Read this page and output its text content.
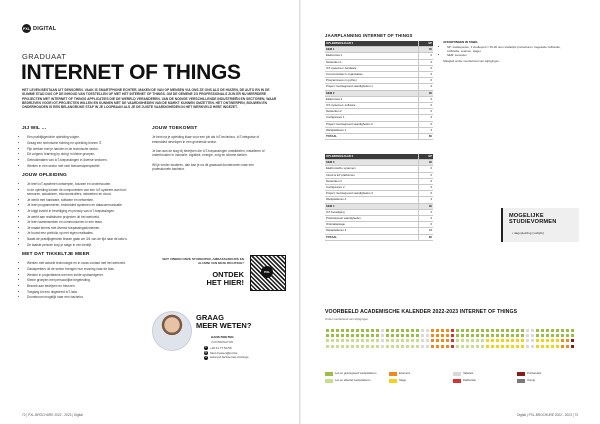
PXL DIGITAL
GRADUAAT
INTERNET OF THINGS

HET LEVEN BESTAAN UIT SENSOREN. VAAK IS SMARTPHONE ECHTER, MAKEN DE VAN OP MENSEN VIA ONS ZE ONS ALS DE HUIZEN, DE AUTO EN IN DE SLIMME STAD DUS OP DE INHOUD VAN TOESTELLEN OF MET HET INTERNET OF THINGS. OM DE GEMENE ZO PROFESSIONALS ZIJN ER NU MEERDERE PROJECTEN MET INTERNET OF THINGS APPLICATIES DIE DE WERELD VERANDEREN. VAN DE NODIGE VERSCHILLENDE INDUSTRIEËN EN SECTOREN, WAAR BEDRIJVEN VOOR IOT-PROJECTEN WILLEN EN KUNNEN MET DE VAARDIGHEDEN VAN DE MARKT KUNNEN OMZETTEN. HET ONTWERPEN, BOUWEN EN ONDERHOUDEN IS EEN BELANGRIJKE STAP IN JE LOOPBAAN ALS JE DE JUISTE VAARDIGHEDEN IN HET WERKVELD HEBT INGEZET.

JIJ WIL ...
• Een praktijkgerichte opleiding volgen.
• Graag een technische richting en opleiding binnen IT.
• Fijn werken met je handen in de technische sector.
• Dit volgens 'learning by doing' in kleine groepen.
• Gebruikmaken van IoT-toepassingen in diverse sectoren.
• Werken in een sector met veel toekomstperspectief.
JOUW OPLEIDING
• Je leert IoT-systemen ontwerpen, bouwen en onderhouden.
• In de opleiding komen de componenten van een IoT-systeem aan bod: sensoren, actuatoren, microcontrollers, netwerken en cloud.
• Je werkt met hardware, software en netwerken.
• Je leert programmeren, embedded systemen en datacommunicatie.
• Je krijgt inzicht in beveiliging en privacy van IoT-toepassingen.
• Je werkt aan realistische projecten uit het werkveld.
• Je leert samenwerken en communiceren in een team.
• Je maakt kennis met diverse toepassingsdomeinen.
• Je bouwt een portfolio op met eigen realisaties.
• Naast de praktijkgerichte lessen gaan we 3/4 van de tijd naar de labo's.
• De laatste periode loop je stage in een bedrijf.
MET DAT TIKKELTJE MEER
• Werken met actuele technologie en in nauw contact met het werkveld.
• Gastsprekers uit de sector brengen hun ervaring naar de klas.
• Werken in projectteams met een echte opdrachtgever.
• Kleine groepen met persoonlijke begeleiding.
• Bezoek aan bedrijven en beurzen.
• Toegang tot een uitgebreid IoT-labo.
• Doorstroom mogelijk naar een bachelor.
JOUW TOEKOMST

Je bent na je opleiding klaar voor een job als IoT-technicus, IoT-integrator of embedded developer in een groeiende sector.

Je kan aan de slag bij bedrijven die IoT-toepassingen ontwikkelen, installeren of onderhouden in industrie, logistiek, energie, zorg en slimme steden.

Wil je verder studeren, dan kan je na dit graduaat doorstromen naar een professionele bachelor.

WAT VINDEN ONZE STUDENTEN, AMBASSADEURS EN ALUMNI VAN DEZE RICHTING?
ONTDEK
HET HIER!
PXL
GRAAG
MEER WETEN?
HANS BOETEN
COÖRDINATOR
✆ +32 11 77 50 59
@ hans.boeten@pxl.be
w	www.pxl.be/internet-of-things
72 | PXL-BROCHURE 2022 - 2023 | Digital
JAARPLANNING INTERNET OF THINGS
OPLEIDINGSJAAR 1	SP
SEM 1	30
Elektronica 1	6
Netwerken 1	6
ICT-systemen: hardware	6
Communicatie in organisaties	3
Programmeren in python	6
Project: Geïntegreerd vaardigheden 1	3
SEM 2	30
Elektronica 2	6
ICT-systemen: software	6
Netwerken 2	6
Configureren 1	3
Project: Geïntegreerd vaardigheden 2	6
Werkplekleren 1	3
TOTAAL	60
OPLEIDINGSJAAR 2	SP
SEM 3	30
Elektronische systemen	6
Cloud & IoT-platformen	6
Netwerken 3	6
Configureren 2	3
Project: Geïntegreerd vaardigheden 3	6
Werkplekleren 2	3
SEM 4	30
ICT-beveiliging	3
Professionele vaardigheden	3
Oriëntatiestage	6
Werkplekleren 3	18
TOTAAL	60
AFKORTINGEN IN TABEL
• SP: studiepunten, 1 studiepunt = 25-30 uren studietijd (contacturen, begeleide zelfstudie, zelfstudie, examen, stage)
• SEM: semester

Slaagtelt onder voorbehoud van wijzigingen.

MOGELIJKE
STUDIEVORMEN
• dagopleiding (voltijds)
VOORBEELD ACADEMISCHE KALENDER 2022-2023 INTERNET OF THINGS
Onder voorbehoud van wijzigingen
Les en geïntegreerd werkplekleren
Les en effectief werkplekleren
Examens
Stage
Vakantie
Deliberatie
Proclamatie
Overig
Digital | PXL-BROCHURE 2022 - 2023 | 73
